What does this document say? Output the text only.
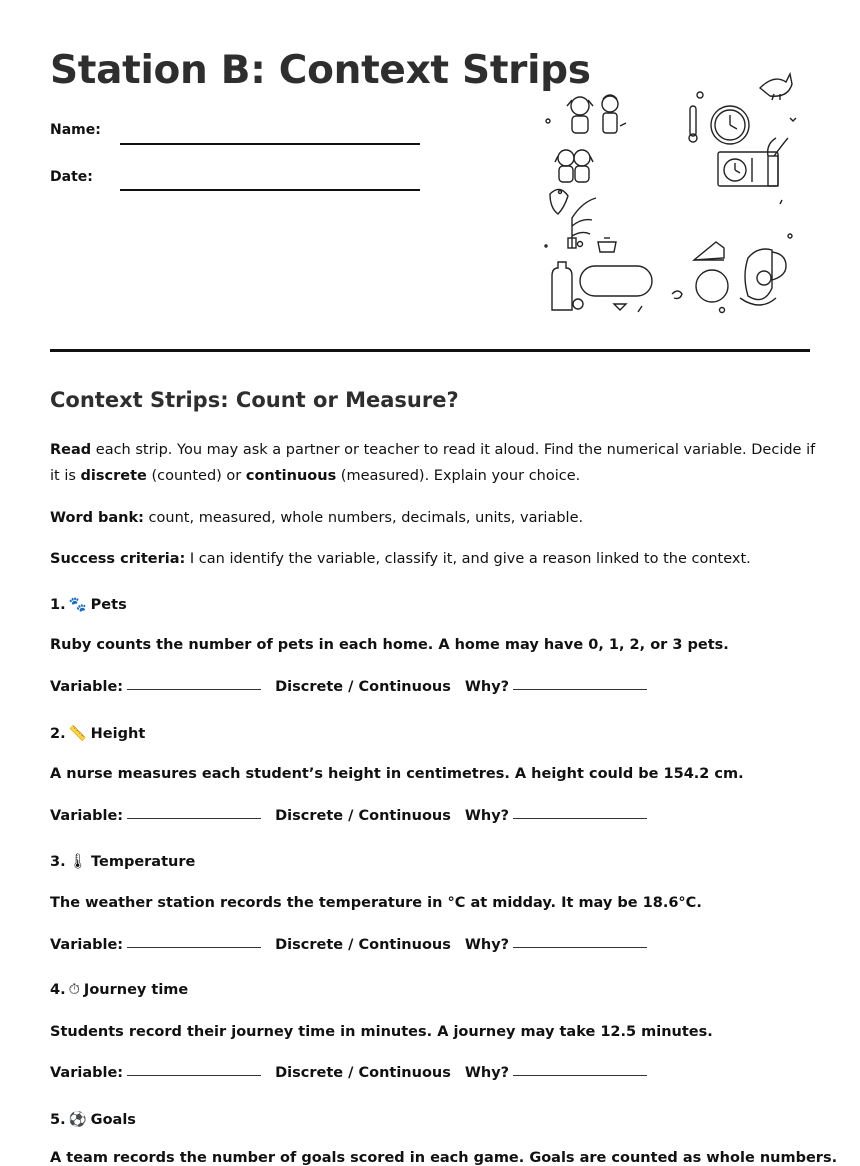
Station B: Context Strips
Name:
Date:
Context Strips: Count or Measure?

Read each strip. You may ask a partner or teacher to read it aloud. Find the numerical variable. Decide if it is discrete (counted) or continuous (measured). Explain your choice.

Word bank: count, measured, whole numbers, decimals, units, variable.

Success criteria: I can identify the variable, classify it, and give a reason linked to the context.

1. 🐾 Pets
Ruby counts the number of pets in each home. A home may have 0, 1, 2, or 3 pets.
Variable:	Discrete / Continuous Why?
2. 📏 Height
A nurse measures each student’s height in centimetres. A height could be 154.2 cm.
Variable:	Discrete / Continuous Why?
3. 🌡 Temperature
The weather station records the temperature in °C at midday. It may be 18.6°C.
Variable:	Discrete / Continuous Why?
4. ⏱ Journey time
Students record their journey time in minutes. A journey may take 12.5 minutes.
Variable:	Discrete / Continuous Why?
5. ⚽ Goals
A team records the number of goals scored in each game. Goals are counted as whole numbers.
